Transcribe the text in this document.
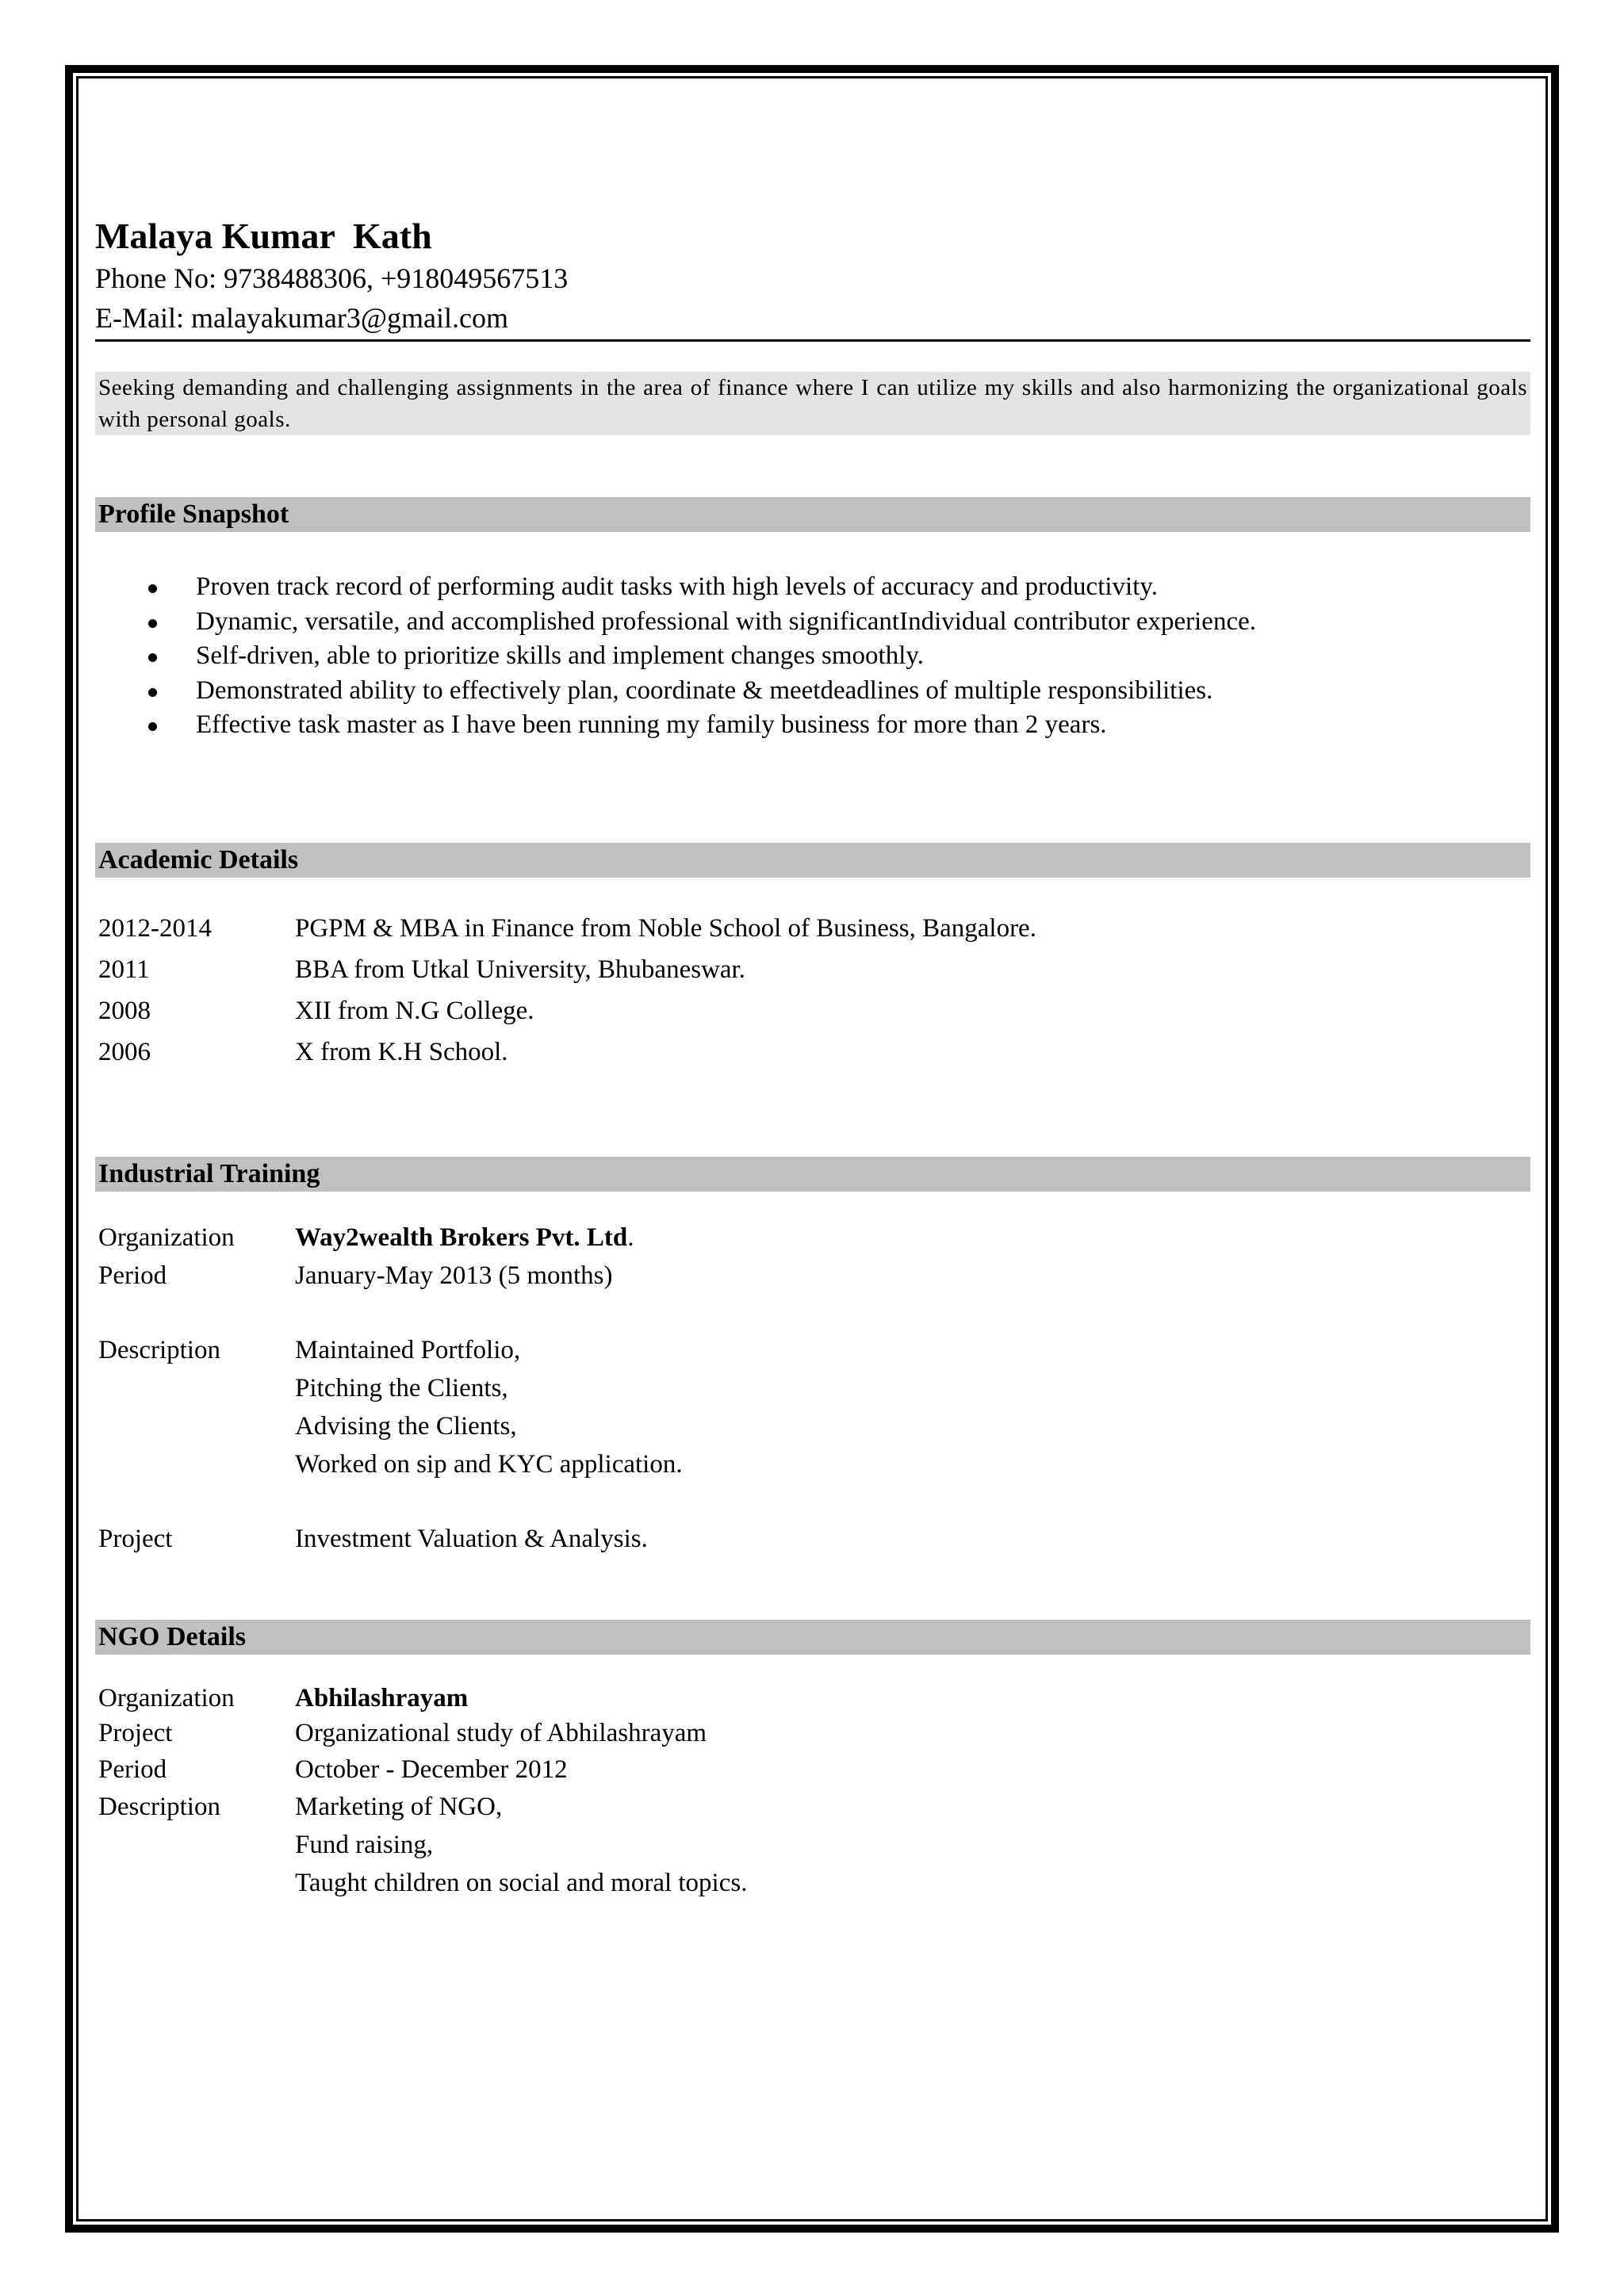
Malaya Kumar  Kath
Phone No: 9738488306, +918049567513
E-Mail: malayakumar3@gmail.com
Seeking demanding and challenging assignments in the area of finance where I can utilize my skills and also harmonizing the organizational goals with personal goals.
Profile Snapshot
Proven track record of performing audit tasks with high levels of accuracy and productivity.
Dynamic, versatile, and accomplished professional with significantIndividual contributor experience.
Self-driven, able to prioritize skills and implement changes smoothly.
Demonstrated ability to effectively plan, coordinate & meetdeadlines of multiple responsibilities.
Effective task master as I have been running my family business for more than 2 years.
Academic Details
2012-2014	PGPM & MBA in Finance from Noble School of Business, Bangalore.
2011	BBA from Utkal University, Bhubaneswar.
2008	XII from N.G College.
2006	X from K.H School.
Industrial Training
Organization	Way2wealth Brokers Pvt. Ltd.
Period	January-May 2013 (5 months)
Description	Maintained Portfolio,
Pitching the Clients,
Advising the Clients,
Worked on sip and KYC application.
Project	Investment Valuation & Analysis.
NGO Details
Organization	Abhilashrayam
Project	Organizational study of Abhilashrayam
Period	October - December 2012
Description	Marketing of NGO,
Fund raising,
Taught children on social and moral topics.
